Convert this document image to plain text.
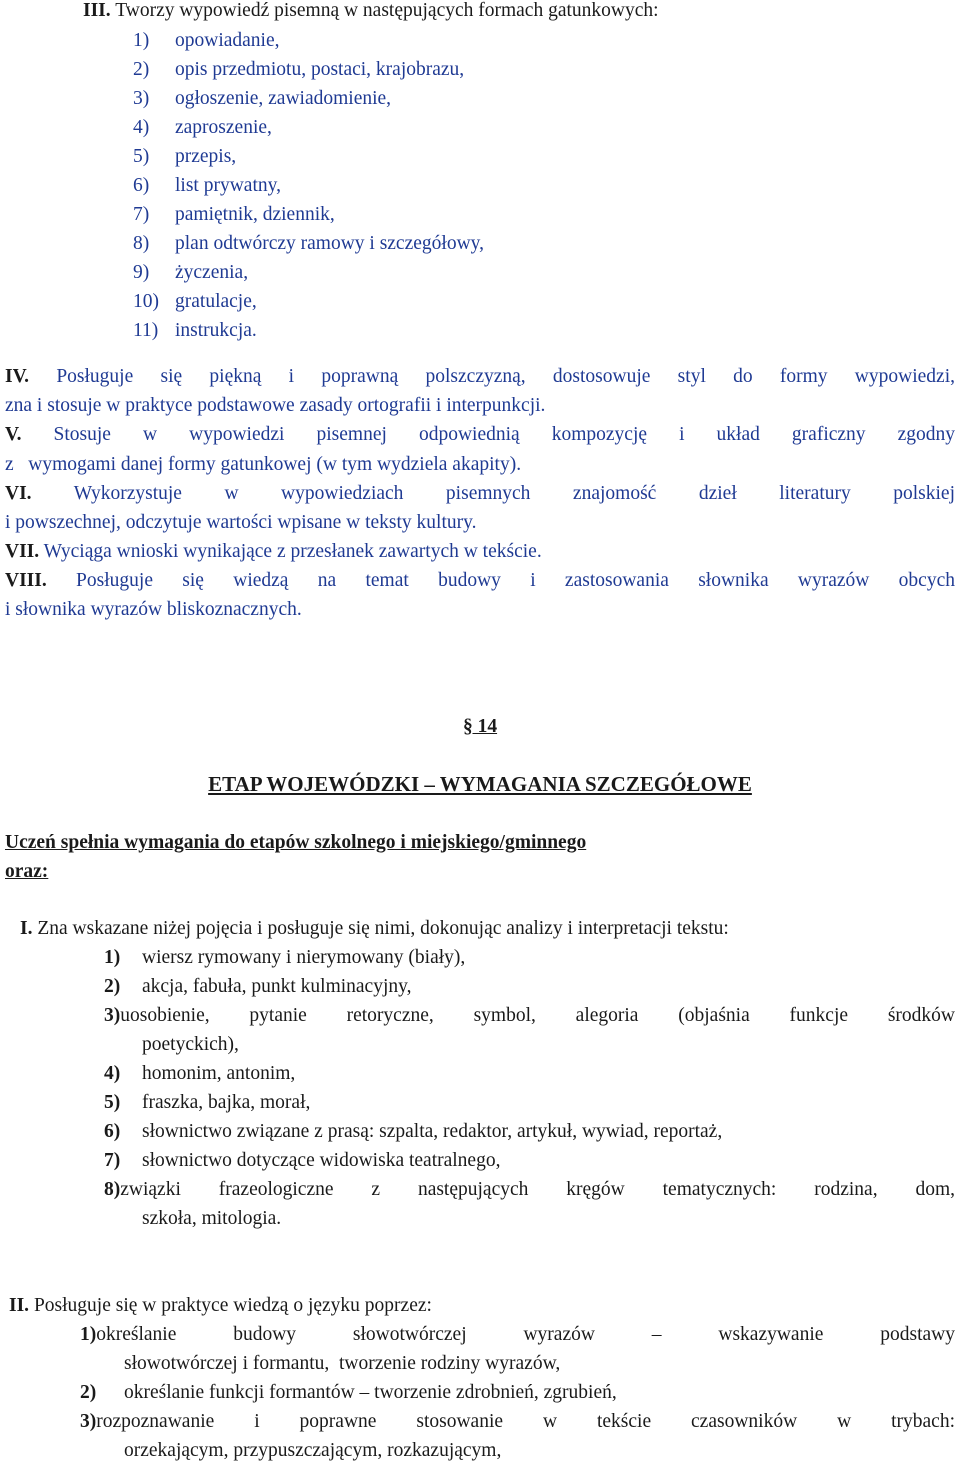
III. Tworzy wypowiedź pisemną w następujących formach gatunkowych:
1) opowiadanie,
2) opis przedmiotu, postaci, krajobrazu,
3) ogłoszenie, zawiadomienie,
4) zaproszenie,
5) przepis,
6) list prywatny,
7) pamiętnik, dziennik,
8) plan odtwórczy ramowy i szczegółowy,
9) życzenia,
10) gratulacje,
11) instrukcja.
IV. Posługuje się piękną i poprawną polszczyzną, dostosowuje styl do formy wypowiedzi,
zna i stosuje w praktyce podstawowe zasady ortografii i interpunkcji.
V. Stosuje w wypowiedzi pisemnej odpowiednią kompozycję i układ graficzny zgodny
z   wymogami danej formy gatunkowej (w tym wydziela akapity).
VI. Wykorzystuje w wypowiedziach pisemnych znajomość dzieł literatury polskiej
i powszechnej, odczytuje wartości wpisane w teksty kultury.
VII. Wyciąga wnioski wynikające z przesłanek zawartych w tekście.
VIII. Posługuje się wiedzą na temat budowy i zastosowania słownika wyrazów obcych
i słownika wyrazów bliskoznacznych.
§ 14
ETAP WOJEWÓDZKI – WYMAGANIA SZCZEGÓŁOWE
Uczeń spełnia wymagania do etapów szkolnego i miejskiego/gminnego
oraz:
I. Zna wskazane niżej pojęcia i posługuje się nimi, dokonując analizy i interpretacji tekstu:
1) wiersz rymowany i nierymowany (biały),
2) akcja, fabuła, punkt kulminacyjny,
3)uosobienie, pytanie retoryczne, symbol, alegoria (objaśnia funkcje środków
poetyckich),
4) homonim, antonim,
5) fraszka, bajka, morał,
6) słownictwo związane z prasą: szpalta, redaktor, artykuł, wywiad, reportaż,
7) słownictwo dotyczące widowiska teatralnego,
8)związki frazeologiczne z następujących kręgów tematycznych: rodzina, dom,
szkoła, mitologia.
II. Posługuje się w praktyce wiedzą o języku poprzez:
1)określanie budowy słowotwórczej wyrazów – wskazywanie podstawy
słowotwórczej i formantu,  tworzenie rodziny wyrazów,
2) określanie funkcji formantów – tworzenie zdrobnień, zgrubień,
3)rozpoznawanie i poprawne stosowanie w tekście czasowników w trybach:
orzekającym, przypuszczającym, rozkazującym,
